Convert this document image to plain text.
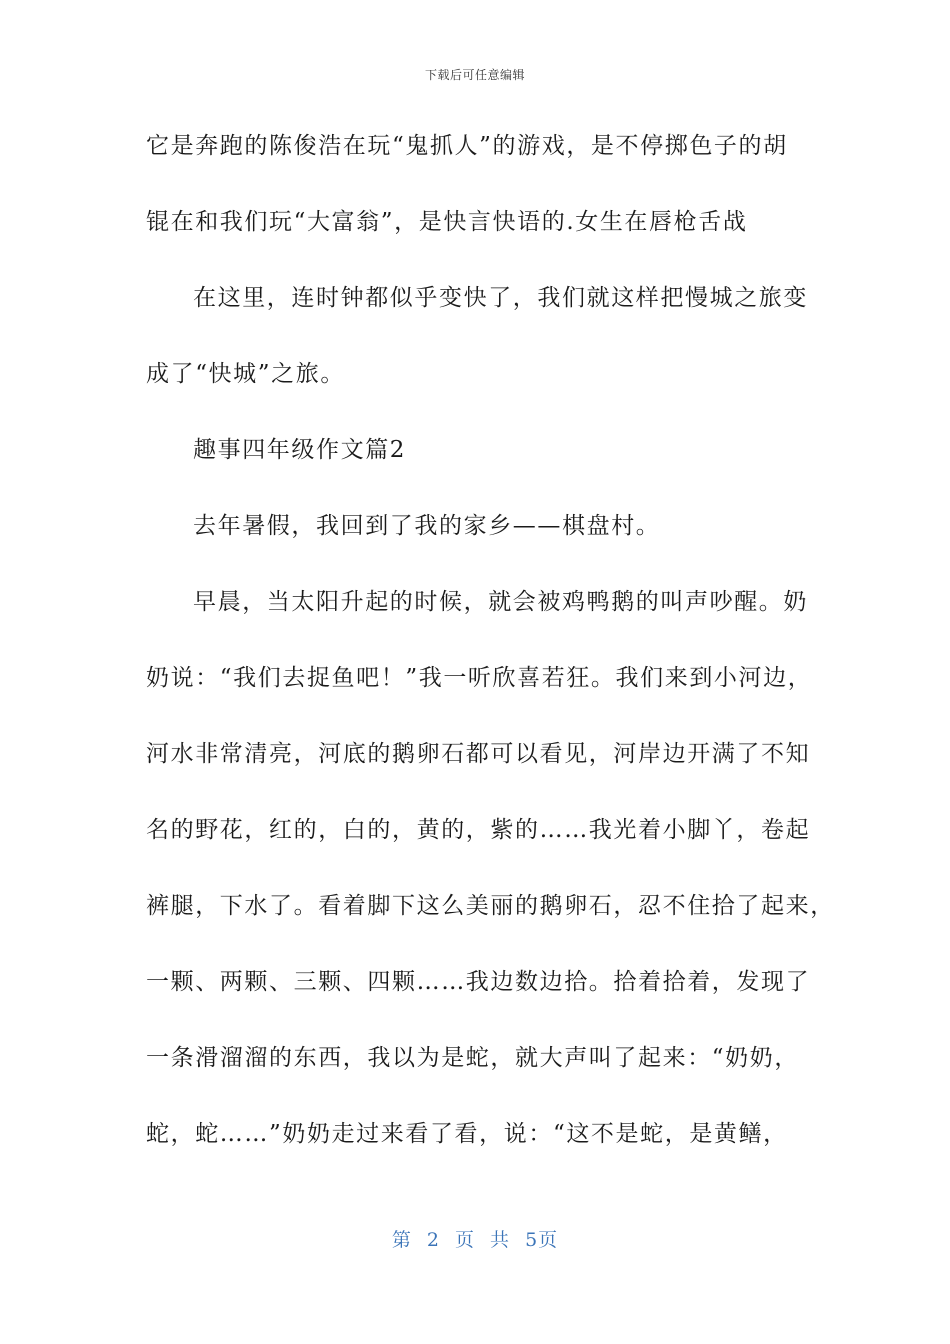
下载后可任意编辑
它是奔跑的陈俊浩在玩“鬼抓人”的游戏，是不停掷色子的胡
锟在和我们玩“大富翁”，是快言快语的.女生在唇枪舌战
在这里，连时钟都似乎变快了，我们就这样把慢城之旅变
成了“快城”之旅。
趣事四年级作文篇2
去年暑假，我回到了我的家乡——棋盘村。
早晨，当太阳升起的时候，就会被鸡鸭鹅的叫声吵醒。奶
奶说：“我们去捉鱼吧！”我一听欣喜若狂。我们来到小河边，
河水非常清亮，河底的鹅卵石都可以看见，河岸边开满了不知
名的野花，红的，白的，黄的，紫的……我光着小脚丫，卷起
裤腿，下水了。看着脚下这么美丽的鹅卵石，忍不住拾了起来，
一颗、两颗、三颗、四颗……我边数边拾。拾着拾着，发现了
一条滑溜溜的东西，我以为是蛇，就大声叫了起来：“奶奶，
蛇，蛇……”奶奶走过来看了看，说：“这不是蛇，是黄鳝，
第 2 页 共 5页
